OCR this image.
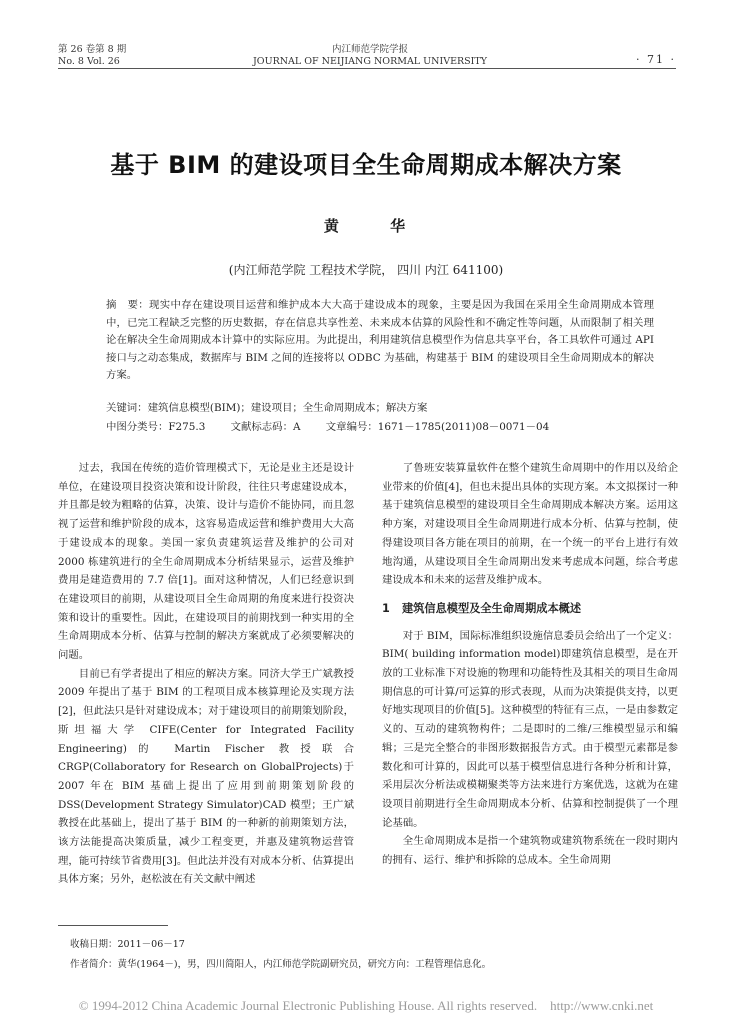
第 26 卷第 8 期
No. 8 Vol. 26
内江师范学院学报
JOURNAL OF NEIJIANG NORMAL UNIVERSITY	· 71 ·
基于 BIM 的建设项目全生命周期成本解决方案
黄 华
(内江师范学院 工程技术学院， 四川 内江 641100)
摘　要：现实中存在建设项目运营和维护成本大大高于建设成本的现象，主要是因为我国在采用全生命周期成本管理中，已完工程缺乏完整的历史数据，存在信息共享性差、未来成本估算的风险性和不确定性等问题，从而限制了相关理论在解决全生命周期成本计算中的实际应用。为此提出，利用建筑信息模型作为信息共享平台，各工具软件可通过 API 接口与之动态集成，数据库与 BIM 之间的连接将以 ODBC 为基础，构建基于 BIM 的建设项目全生命周期成本的解决方案。
关键词：建筑信息模型(BIM)；建设项目；全生命周期成本；解决方案
中图分类号：F275.3 文献标志码：A 文章编号：1671－1785(2011)08－0071－04

过去，我国在传统的造价管理模式下，无论是业主还是设计单位，在建设项目投资决策和设计阶段，往往只考虑建设成本，并且都是较为粗略的估算，决策、设计与造价不能协同，而且忽视了运营和维护阶段的成本，这容易造成运营和维护费用大大高于建设成本的现象。美国一家负责建筑运营及维护的公司对 2000 栋建筑进行的全生命周期成本分析结果显示，运营及维护费用是建造费用的 7.7 倍[1]。面对这种情况，人们已经意识到在建设项目的前期，从建设项目全生命周期的角度来进行投资决策和设计的重要性。因此，在建设项目的前期找到一种实用的全生命周期成本分析、估算与控制的解决方案就成了必须要解决的问题。

目前已有学者提出了相应的解决方案。同济大学王广斌教授 2009 年提出了基于 BIM 的工程项目成本核算理论及实现方法[2]，但此法只是针对建设成本；对于建设项目的前期策划阶段，斯坦福大学 CIFE(Center for Integrated Facility Engineering)的 Martin Fischer 教授联合 CRGP(Collaboratory for Research on GlobalProjects)于 2007 年在 BIM 基础上提出了应用到前期策划阶段的 DSS(Development Strategy Simulator)CAD 模型；王广斌教授在此基础上，提出了基于 BIM 的一种新的前期策划方法，该方法能提高决策质量，减少工程变更，并惠及建筑物运营管理，能可持续节省费用[3]。但此法并没有对成本分析、估算提出具体方案；另外，赵松波在有关文献中阐述

了鲁班安装算量软件在整个建筑生命周期中的作用以及给企业带来的价值[4]，但也未提出具体的实现方案。本文拟探讨一种基于建筑信息模型的建设项目全生命周期成本解决方案。运用这种方案，对建设项目全生命周期进行成本分析、估算与控制，使得建设项目各方能在项目的前期，在一个统一的平台上进行有效地沟通，从建设项目全生命周期出发来考虑成本问题，综合考虑建设成本和未来的运营及维护成本。

1 建筑信息模型及全生命周期成本概述

对于 BIM，国际标准组织设施信息委员会给出了一个定义：BIM( building information model)即建筑信息模型，是在开放的工业标准下对设施的物理和功能特性及其相关的项目生命周期信息的可计算/可运算的形式表现，从而为决策提供支持，以更好地实现项目的价值[5]。这种模型的特征有三点，一是由参数定义的、互动的建筑物构件；二是即时的二维/三维模型显示和编辑；三是完全整合的非图形数据报告方式。由于模型元素都是参数化和可计算的，因此可以基于模型信息进行各种分析和计算，采用层次分析法或模糊聚类等方法来进行方案优选，这就为在建设项目前期进行全生命周期成本分析、估算和控制提供了一个理论基础。

全生命周期成本是指一个建筑物或建筑物系统在一段时期内的拥有、运行、维护和拆除的总成本。全生命周期

收稿日期：2011－06－17
作者简介：黄华(1964－)，男，四川简阳人，内江师范学院副研究员，研究方向：工程管理信息化。
© 1994-2012 China Academic Journal Electronic Publishing House. All rights reserved.　http://www.cnki.net
